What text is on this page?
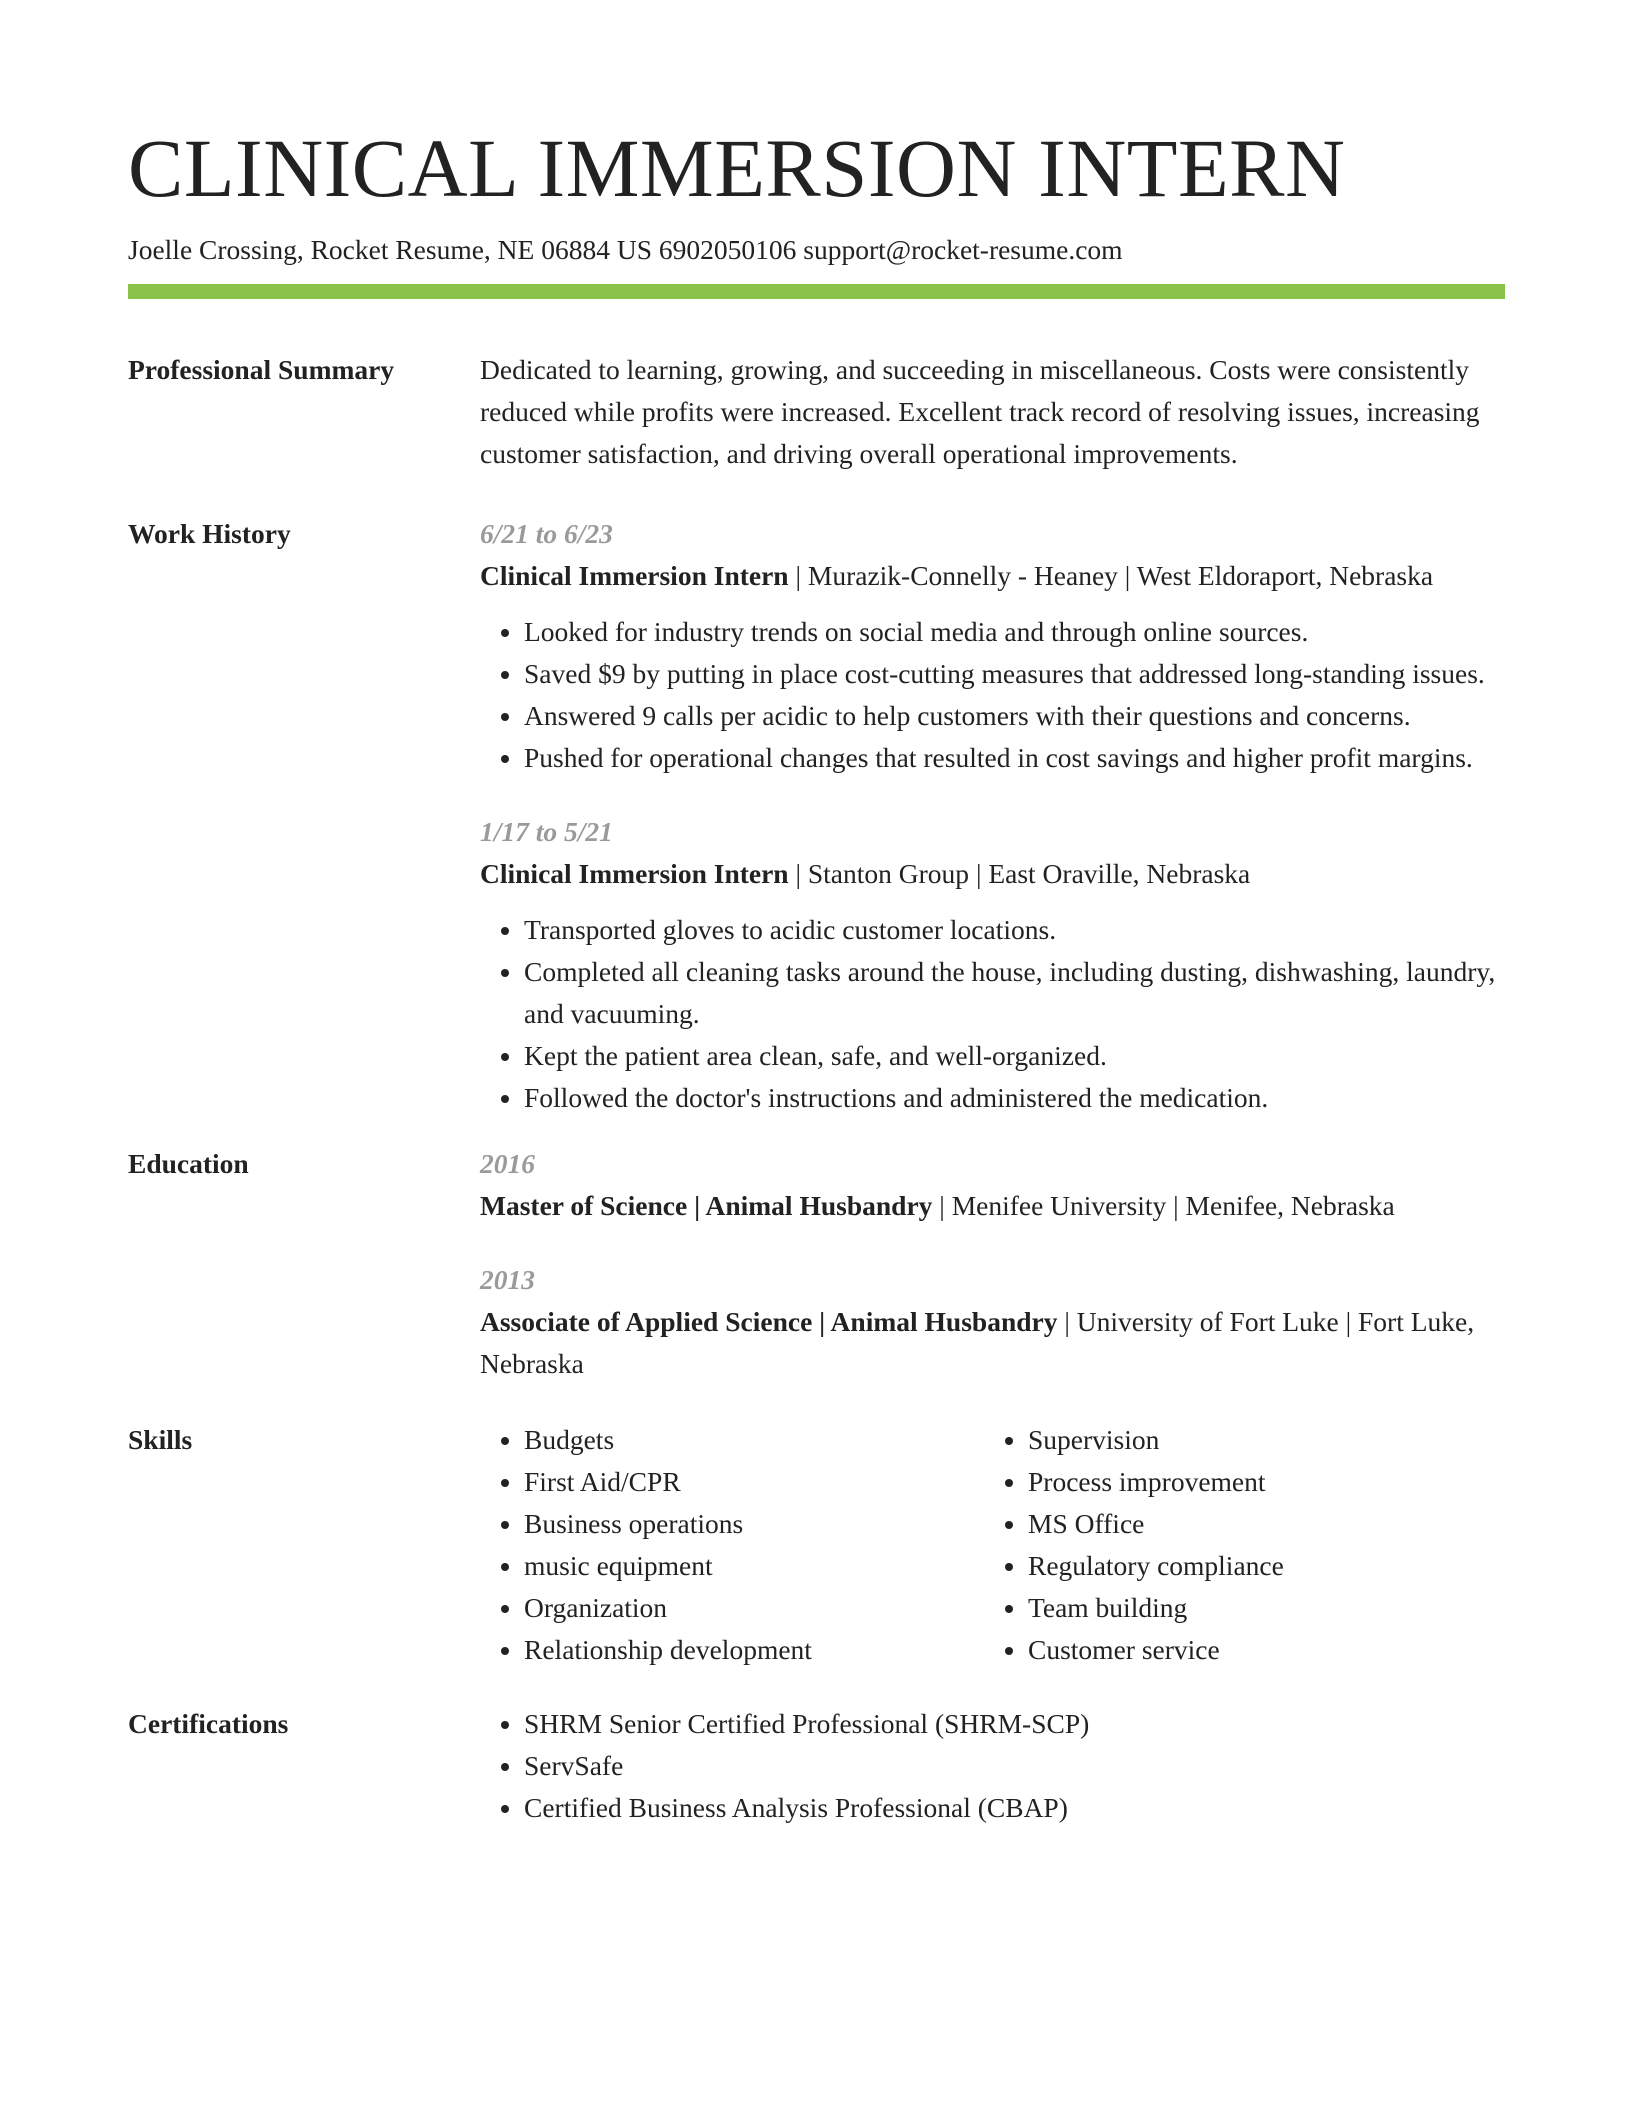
CLINICAL IMMERSION INTERN
Joelle Crossing, Rocket Resume, NE 06884 US 6902050106 support@rocket-resume.com
Professional Summary	Dedicated to learning, growing, and succeeding in miscellaneous. Costs were consistently reduced while profits were increased. Excellent track record of resolving issues, increasing customer satisfaction, and driving overall operational improvements.

Work History	6/21 to 6/23
Clinical Immersion Intern | Murazik-Connelly - Heaney | West Eldoraport, Nebraska
• Looked for industry trends on social media and through online sources.
• Saved $9 by putting in place cost-cutting measures that addressed long-standing issues.
• Answered 9 calls per acidic to help customers with their questions and concerns.
• Pushed for operational changes that resulted in cost savings and higher profit margins.
1/17 to 5/21
Clinical Immersion Intern | Stanton Group | East Oraville, Nebraska
• Transported gloves to acidic customer locations.
• Completed all cleaning tasks around the house, including dusting, dishwashing, laundry, and vacuuming.
• Kept the patient area clean, safe, and well-organized.
• Followed the doctor's instructions and administered the medication.
Education	2016
Master of Science | Animal Husbandry | Menifee University | Menifee, Nebraska
2013
Associate of Applied Science | Animal Husbandry | University of Fort Luke | Fort Luke, Nebraska
Skills	• Budgets
• First Aid/CPR
• Business operations
• music equipment
• Organization
• Relationship development
• Supervision
• Process improvement
• MS Office
• Regulatory compliance
• Team building
• Customer service
Certifications	• SHRM Senior Certified Professional (SHRM-SCP)
• ServSafe
• Certified Business Analysis Professional (CBAP)
